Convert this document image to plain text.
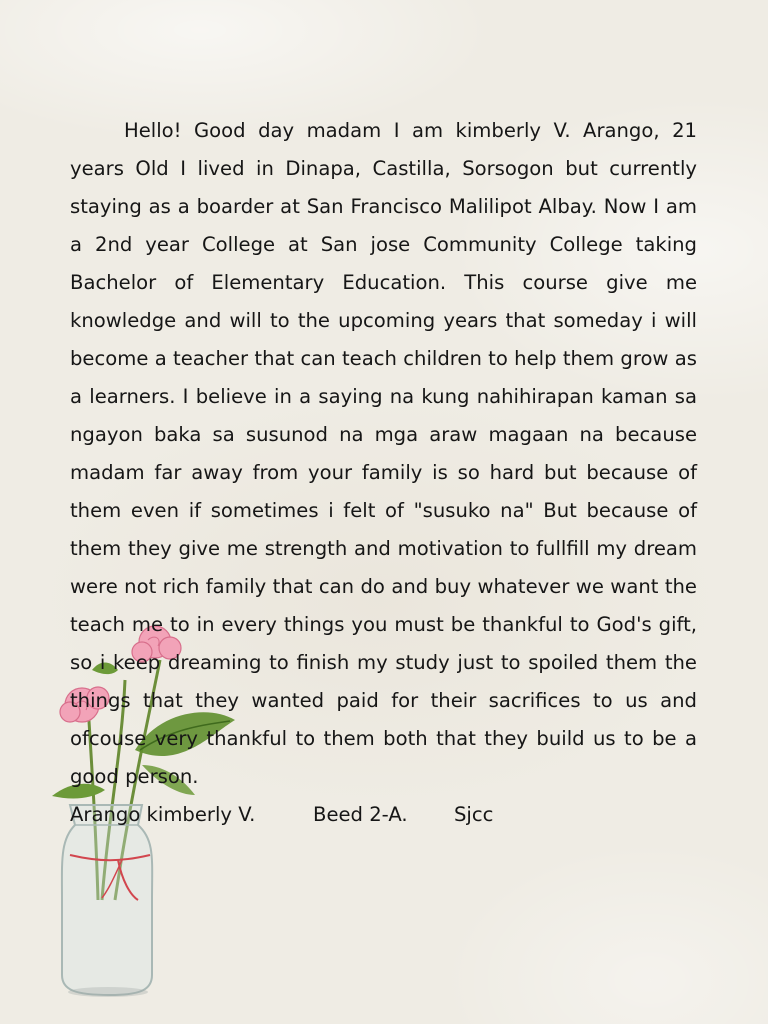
Hello! Good day madam I am kimberly V. Arango, 21 years Old I lived in Dinapa, Castilla, Sorsogon but currently staying as a boarder at San Francisco Malilipot Albay. Now I am a 2nd year College at San jose Community College taking Bachelor of Elementary Education. This course give me knowledge and will to the upcoming years that someday i will become a teacher that can teach children to help them grow as a learners. I believe in a saying na kung nahihirapan kaman sa ngayon baka sa susunod na mga araw magaan na because madam far away from your family is so hard but because of them even if sometimes i felt of "susuko na" But because of them they give me strength and motivation to fullfill my dream were not rich family that can do and buy whatever we want the teach me to in every things you must be thankful to God's gift, so i keep dreaming to finish my study just to spoiled them the things that they wanted paid for their sacrifices to us and ofcouse very thankful to them both that they build us to be a good person.

Arango kimberly V.	Beed 2-A.	Sjcc
